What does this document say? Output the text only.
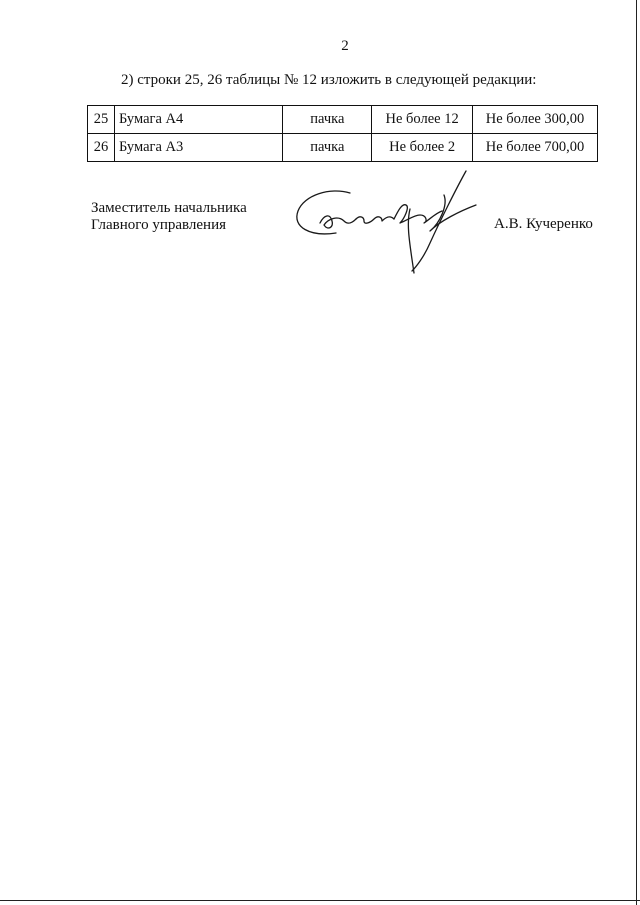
2
2) строки 25, 26 таблицы № 12 изложить в следующей редакции:
25	Бумага А4	пачка	Не более 12	Не более 300,00
26	Бумага А3	пачка	Не более 2	Не более 700,00
Заместитель начальника
Главного управления	А.В. Кучеренко
